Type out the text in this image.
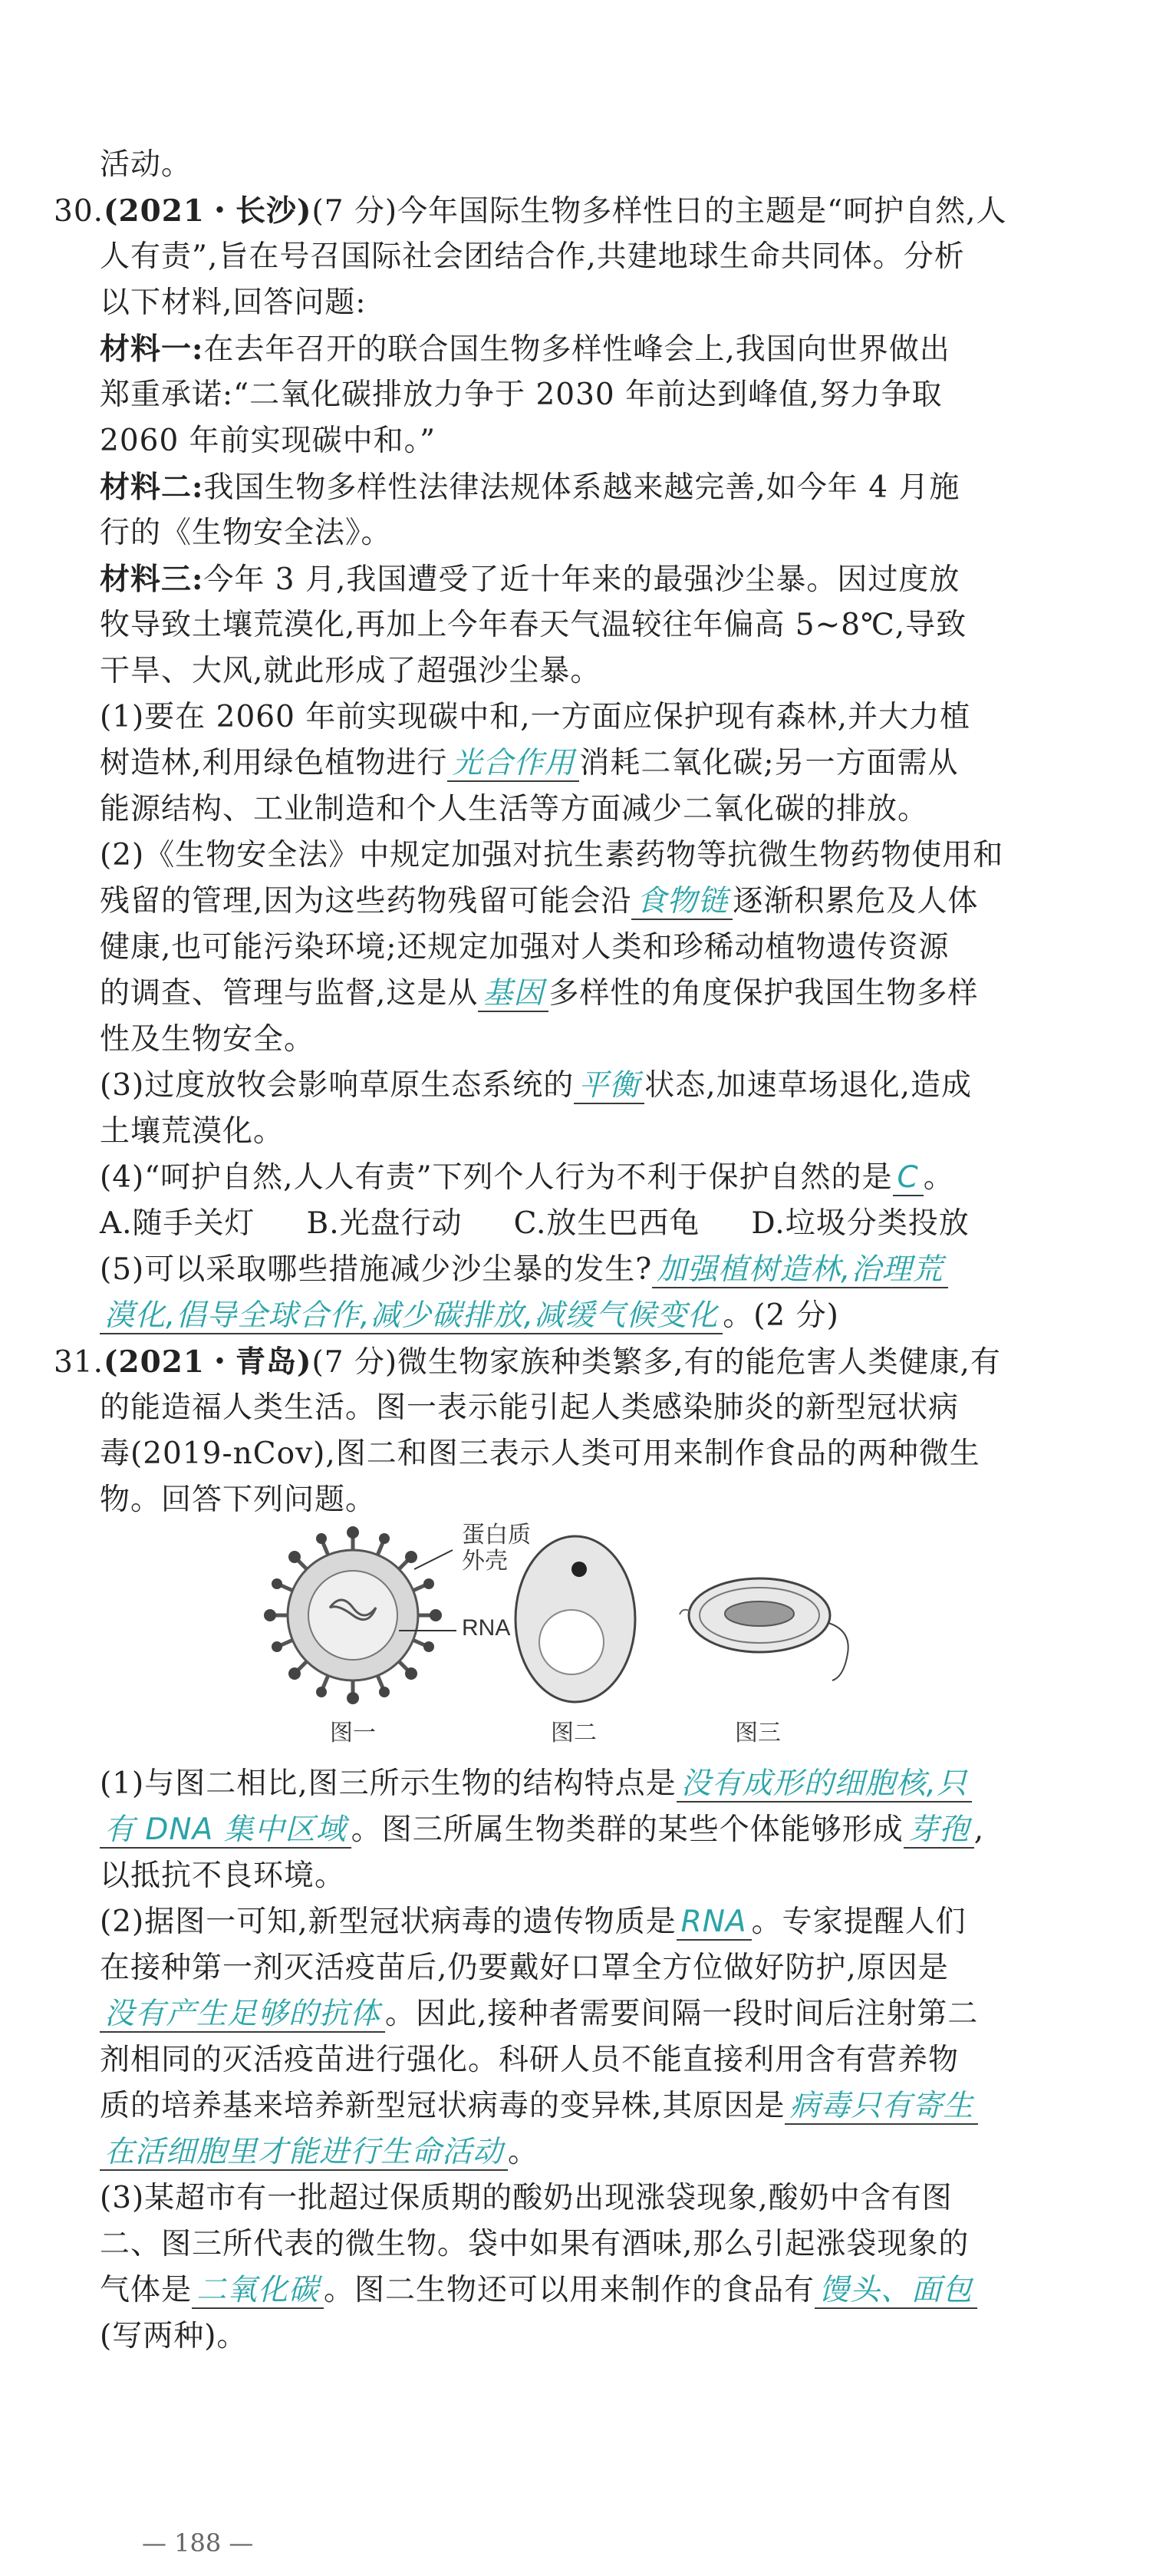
活动。
30.(2021・长沙)(7 分)今年国际生物多样性日的主题是“呵护自然,人
人有责”,旨在号召国际社会团结合作,共建地球生命共同体。分析
以下材料,回答问题:
材料一:在去年召开的联合国生物多样性峰会上,我国向世界做出
郑重承诺:“二氧化碳排放力争于 2030 年前达到峰值,努力争取
2060 年前实现碳中和。”
材料二:我国生物多样性法律法规体系越来越完善,如今年 4 月施
行的《生物安全法》。
材料三:今年 3 月,我国遭受了近十年来的最强沙尘暴。因过度放
牧导致土壤荒漠化,再加上今年春天气温较往年偏高 5~8℃,导致
干旱、大风,就此形成了超强沙尘暴。
(1)要在 2060 年前实现碳中和,一方面应保护现有森林,并大力植
树造林,利用绿色植物进行 光合作用 消耗二氧化碳;另一方面需从
能源结构、工业制造和个人生活等方面减少二氧化碳的排放。
(2)《生物安全法》中规定加强对抗生素药物等抗微生物药物使用和
残留的管理,因为这些药物残留可能会沿 食物链 逐渐积累危及人体
健康,也可能污染环境;还规定加强对人类和珍稀动植物遗传资源
的调查、管理与监督,这是从 基因 多样性的角度保护我国生物多样
性及生物安全。
(3)过度放牧会影响草原生态系统的 平衡 状态,加速草场退化,造成
土壤荒漠化。
(4)“呵护自然,人人有责”下列个人行为不利于保护自然的是 C 。
A.随手关灯     B.光盘行动     C.放生巴西龟     D.垃圾分类投放
(5)可以采取哪些措施减少沙尘暴的发生? 加强植树造林,治理荒
漠化,倡导全球合作,减少碳排放,减缓气候变化 。(2 分)
31.(2021・青岛)(7 分)微生物家族种类繁多,有的能危害人类健康,有
的能造福人类生活。图一表示能引起人类感染肺炎的新型冠状病
毒(2019-nCov),图二和图三表示人类可用来制作食品的两种微生
物。回答下列问题。
蛋白质
外壳
RNA
图一	图二	图三
(1)与图二相比,图三所示生物的结构特点是 没有成形的细胞核,只
有 DNA 集中区域 。图三所属生物类群的某些个体能够形成 芽孢 ,
以抵抗不良环境。
(2)据图一可知,新型冠状病毒的遗传物质是 RNA 。专家提醒人们
在接种第一剂灭活疫苗后,仍要戴好口罩全方位做好防护,原因是
没有产生足够的抗体 。因此,接种者需要间隔一段时间后注射第二
剂相同的灭活疫苗进行强化。科研人员不能直接利用含有营养物
质的培养基来培养新型冠状病毒的变异株,其原因是 病毒只有寄生
在活细胞里才能进行生命活动 。
(3)某超市有一批超过保质期的酸奶出现涨袋现象,酸奶中含有图
二、图三所代表的微生物。袋中如果有酒味,那么引起涨袋现象的
气体是 二氧化碳 。图二生物还可以用来制作的食品有 馒头、面包
(写两种)。
— 188 —
